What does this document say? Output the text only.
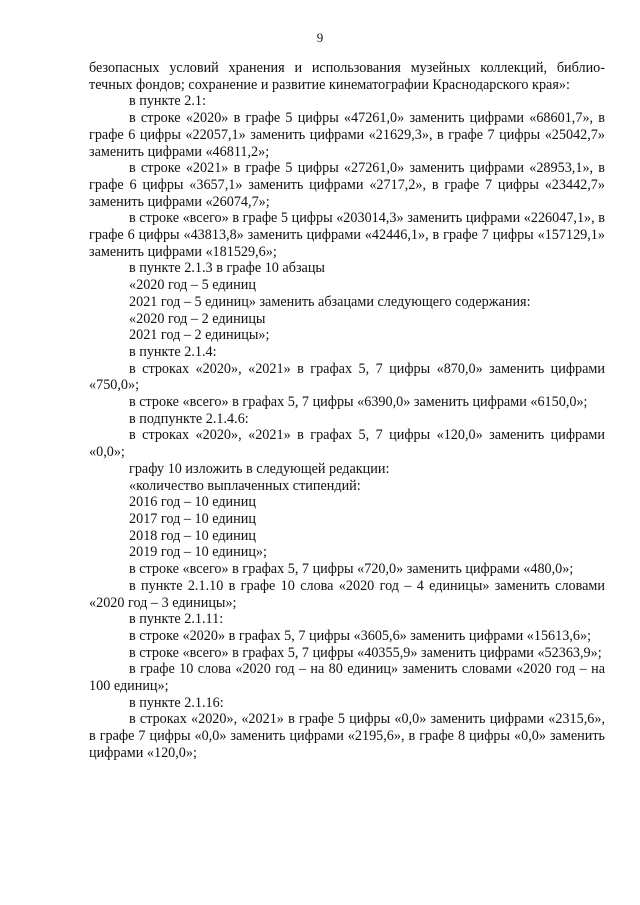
9

безопасных условий хранения и использования музейных коллекций, библио-

течных фондов; сохранение и развитие кинематографии Краснодарского края»:

в пункте 2.1:

в строке «2020» в графе 5 цифры «47261,0» заменить цифрами «68601,7», в графе 6 цифры «22057,1» заменить цифрами «21629,3», в графе 7 цифры «25042,7» заменить цифрами «46811,2»;

в строке «2021» в графе 5 цифры «27261,0» заменить цифрами «28953,1», в графе 6 цифры «3657,1» заменить цифрами «2717,2», в графе 7 цифры «23442,7» заменить цифрами «26074,7»;

в строке «всего» в графе 5 цифры «203014,3» заменить цифрами «226047,1», в графе 6 цифры «43813,8» заменить цифрами «42446,1», в графе 7 цифры «157129,1» заменить цифрами «181529,6»;

в пункте 2.1.3 в графе 10 абзацы

«2020 год – 5 единиц

2021 год – 5 единиц» заменить абзацами следующего содержания:

«2020 год – 2 единицы

2021 год – 2 единицы»;

в пункте 2.1.4:

в строках «2020», «2021» в графах 5, 7 цифры «870,0» заменить цифрами «750,0»;

в строке «всего» в графах 5, 7 цифры «6390,0» заменить цифрами «6150,0»;

в подпункте 2.1.4.6:

в строках «2020», «2021» в графах 5, 7 цифры «120,0» заменить цифрами «0,0»;

графу 10 изложить в следующей редакции:

«количество выплаченных стипендий:

2016 год – 10 единиц

2017 год – 10 единиц

2018 год – 10 единиц

2019 год – 10 единиц»;

в строке «всего» в графах 5, 7 цифры «720,0» заменить цифрами «480,0»;

в пункте 2.1.10 в графе 10 слова «2020 год – 4 единицы» заменить словами «2020 год – 3 единицы»;

в пункте 2.1.11:

в строке «2020» в графах 5, 7 цифры «3605,6» заменить цифрами «15613,6»;

в строке «всего» в графах 5, 7 цифры «40355,9» заменить цифрами «52363,9»;

в графе 10 слова «2020 год – на 80 единиц» заменить словами «2020 год – на 100 единиц»;

в пункте 2.1.16:

в строках «2020», «2021» в графе 5 цифры «0,0» заменить цифрами «2315,6», в графе 7 цифры «0,0» заменить цифрами «2195,6», в графе 8 цифры «0,0» заменить цифрами «120,0»;
